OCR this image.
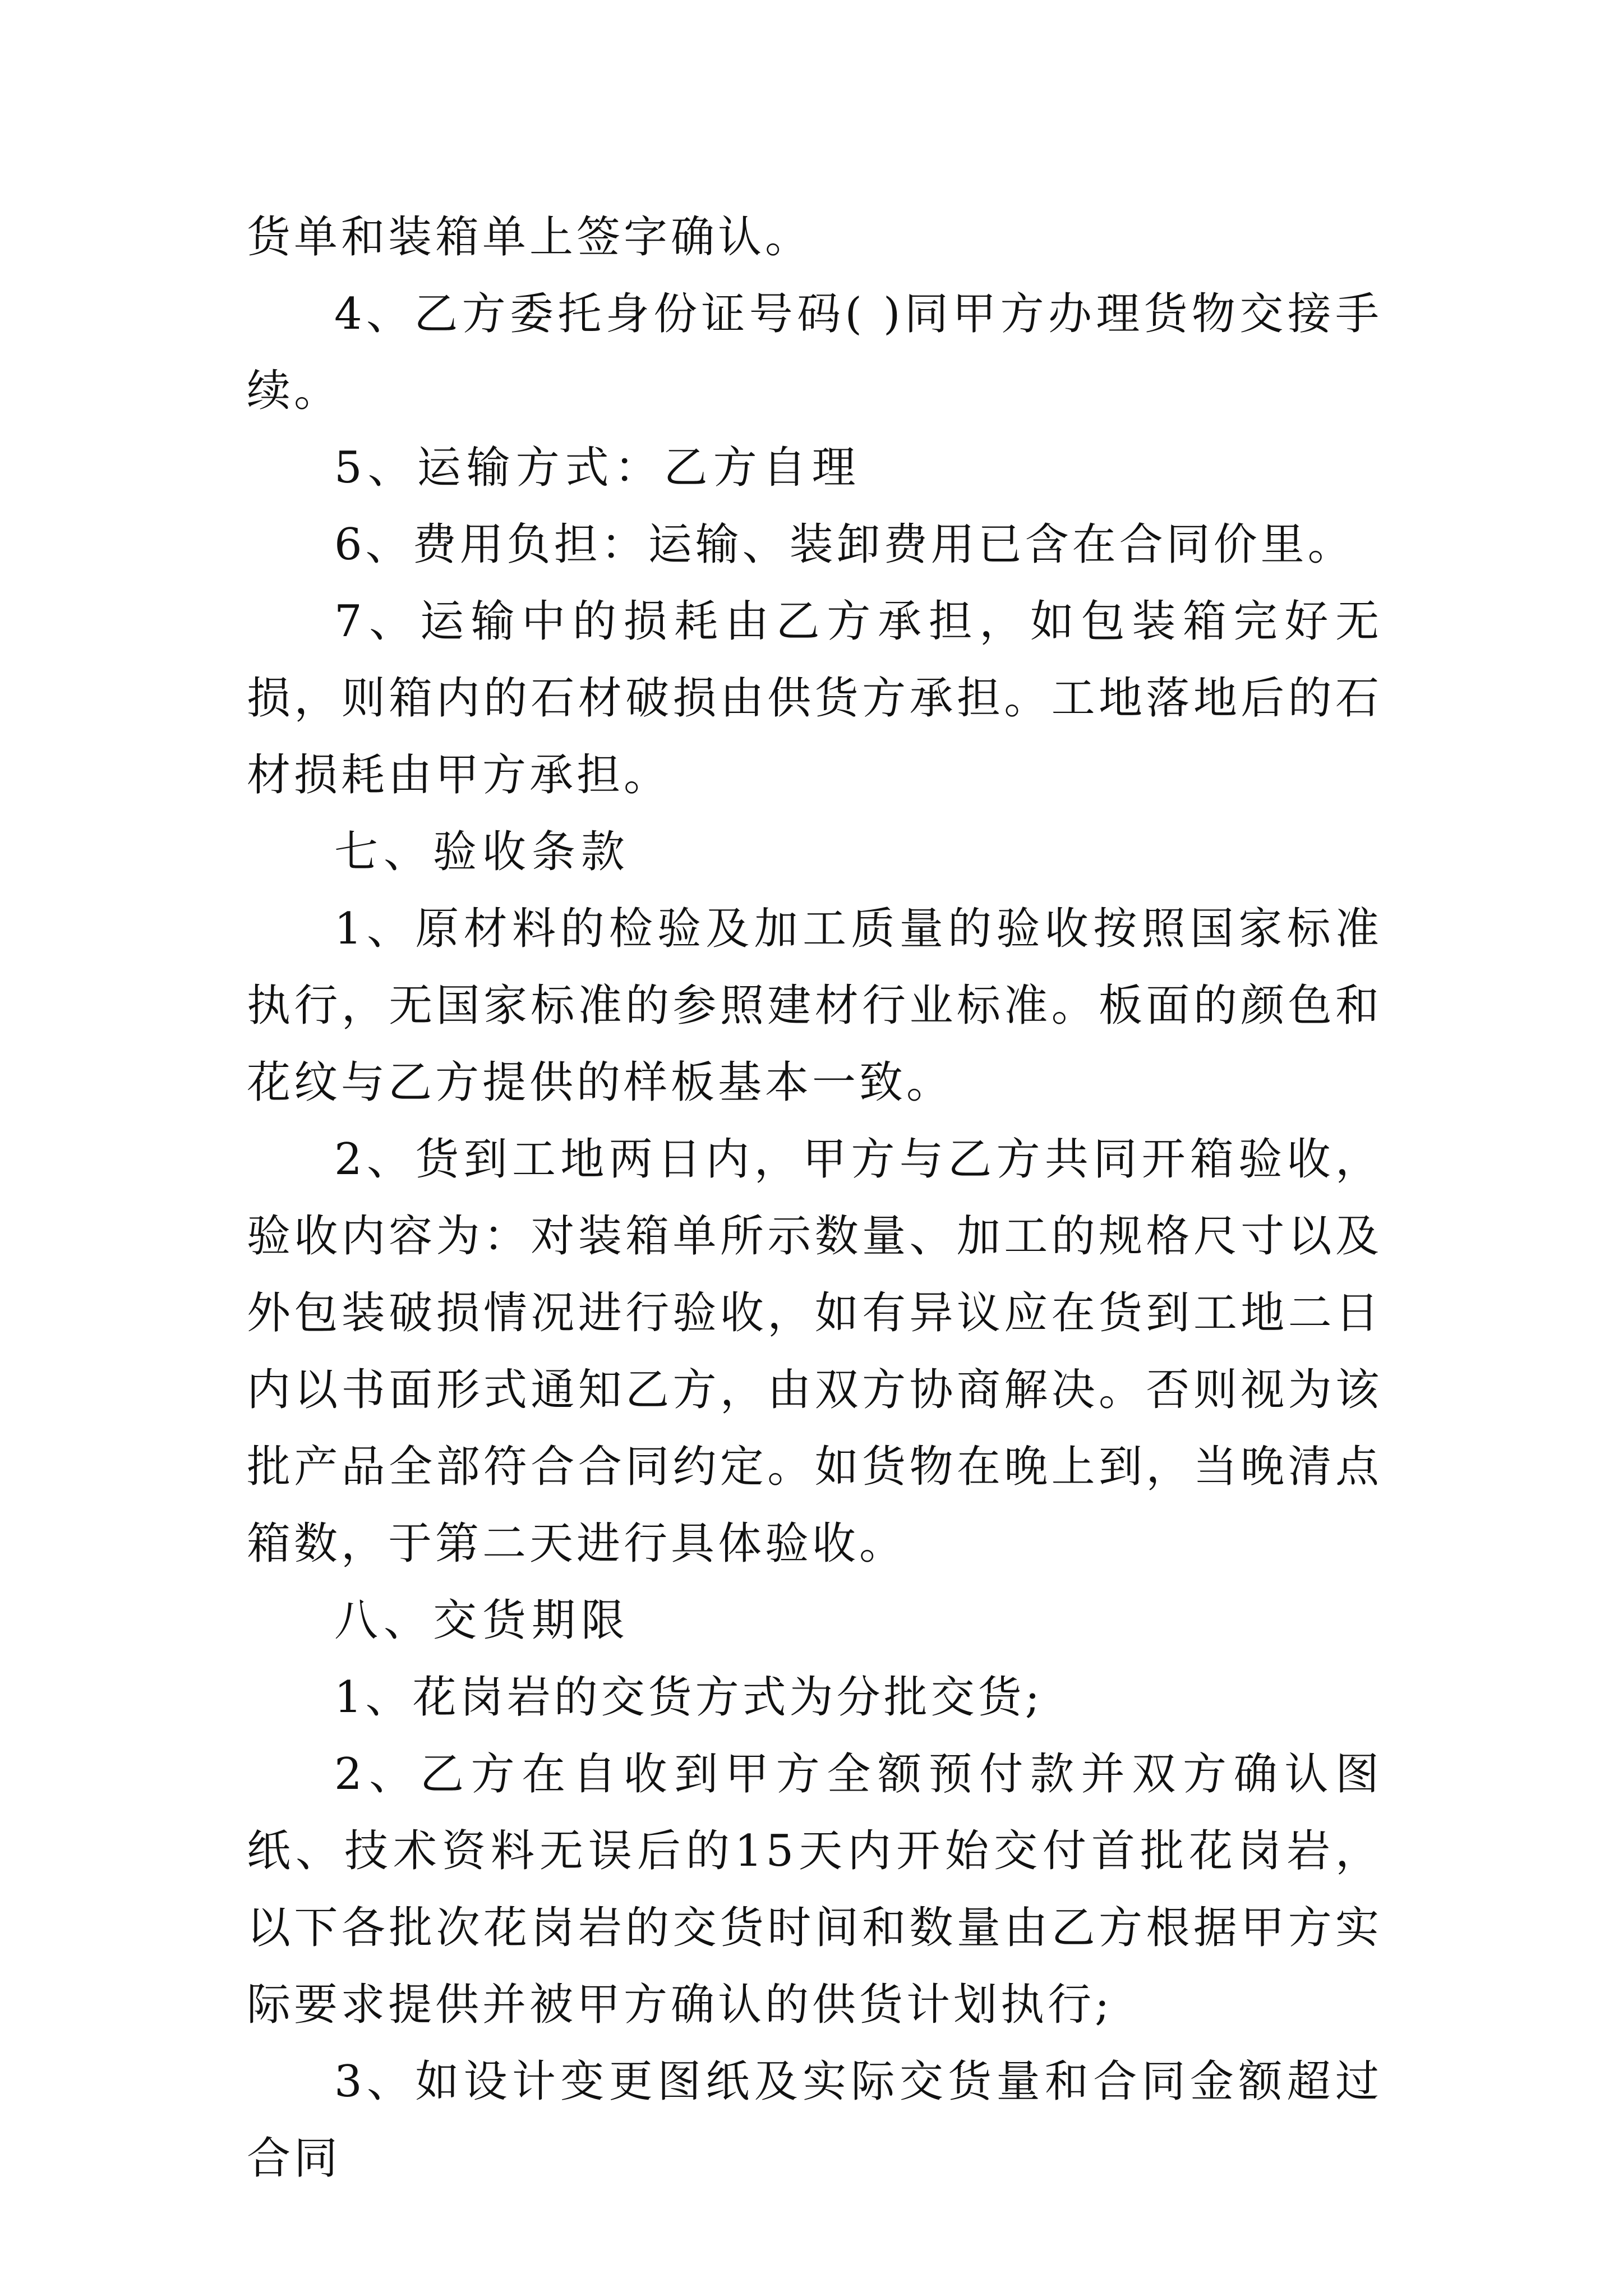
货单和装箱单上签字确认。

4、乙方委托身份证号码( )同甲方办理货物交接手续。

5、运输方式：乙方自理

6、费用负担：运输、装卸费用已含在合同价里。

7、运输中的损耗由乙方承担，如包装箱完好无损，则箱内的石材破损由供货方承担。工地落地后的石材损耗由甲方承担。

七、验收条款

1、原材料的检验及加工质量的验收按照国家标准执行，无国家标准的参照建材行业标准。板面的颜色和花纹与乙方提供的样板基本一致。

2、货到工地两日内，甲方与乙方共同开箱验收，验收内容为：对装箱单所示数量、加工的规格尺寸以及外包装破损情况进行验收，如有异议应在货到工地二日内以书面形式通知乙方，由双方协商解决。否则视为该批产品全部符合合同约定。如货物在晚上到，当晚清点箱数，于第二天进行具体验收。

八、交货期限

1、花岗岩的交货方式为分批交货;

2、乙方在自收到甲方全额预付款并双方确认图纸、技术资料无误后的15天内开始交付首批花岗岩，以下各批次花岗岩的交货时间和数量由乙方根据甲方实际要求提供并被甲方确认的供货计划执行;

3、如设计变更图纸及实际交货量和合同金额超过合同
